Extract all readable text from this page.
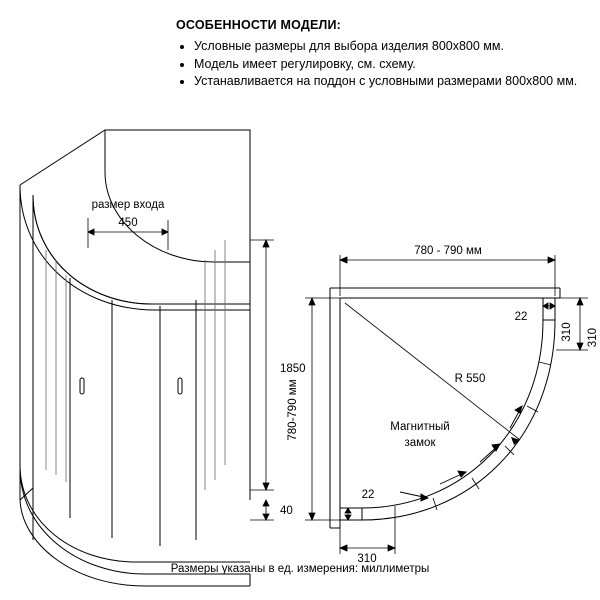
ОСОБЕННОСТИ МОДЕЛИ:
• Условные размеры для выбора изделия 800х800 мм.
• Модель имеет регулировку, см. схему.
• Устанавливается на поддон с условными размерами 800х800 мм.
размер входа
450
1850
40
780 - 790 мм
780-790 мм
310
310
22
22
R 550
Магнитный
замок
310
Размеры указаны в ед. измерения: миллиметры
